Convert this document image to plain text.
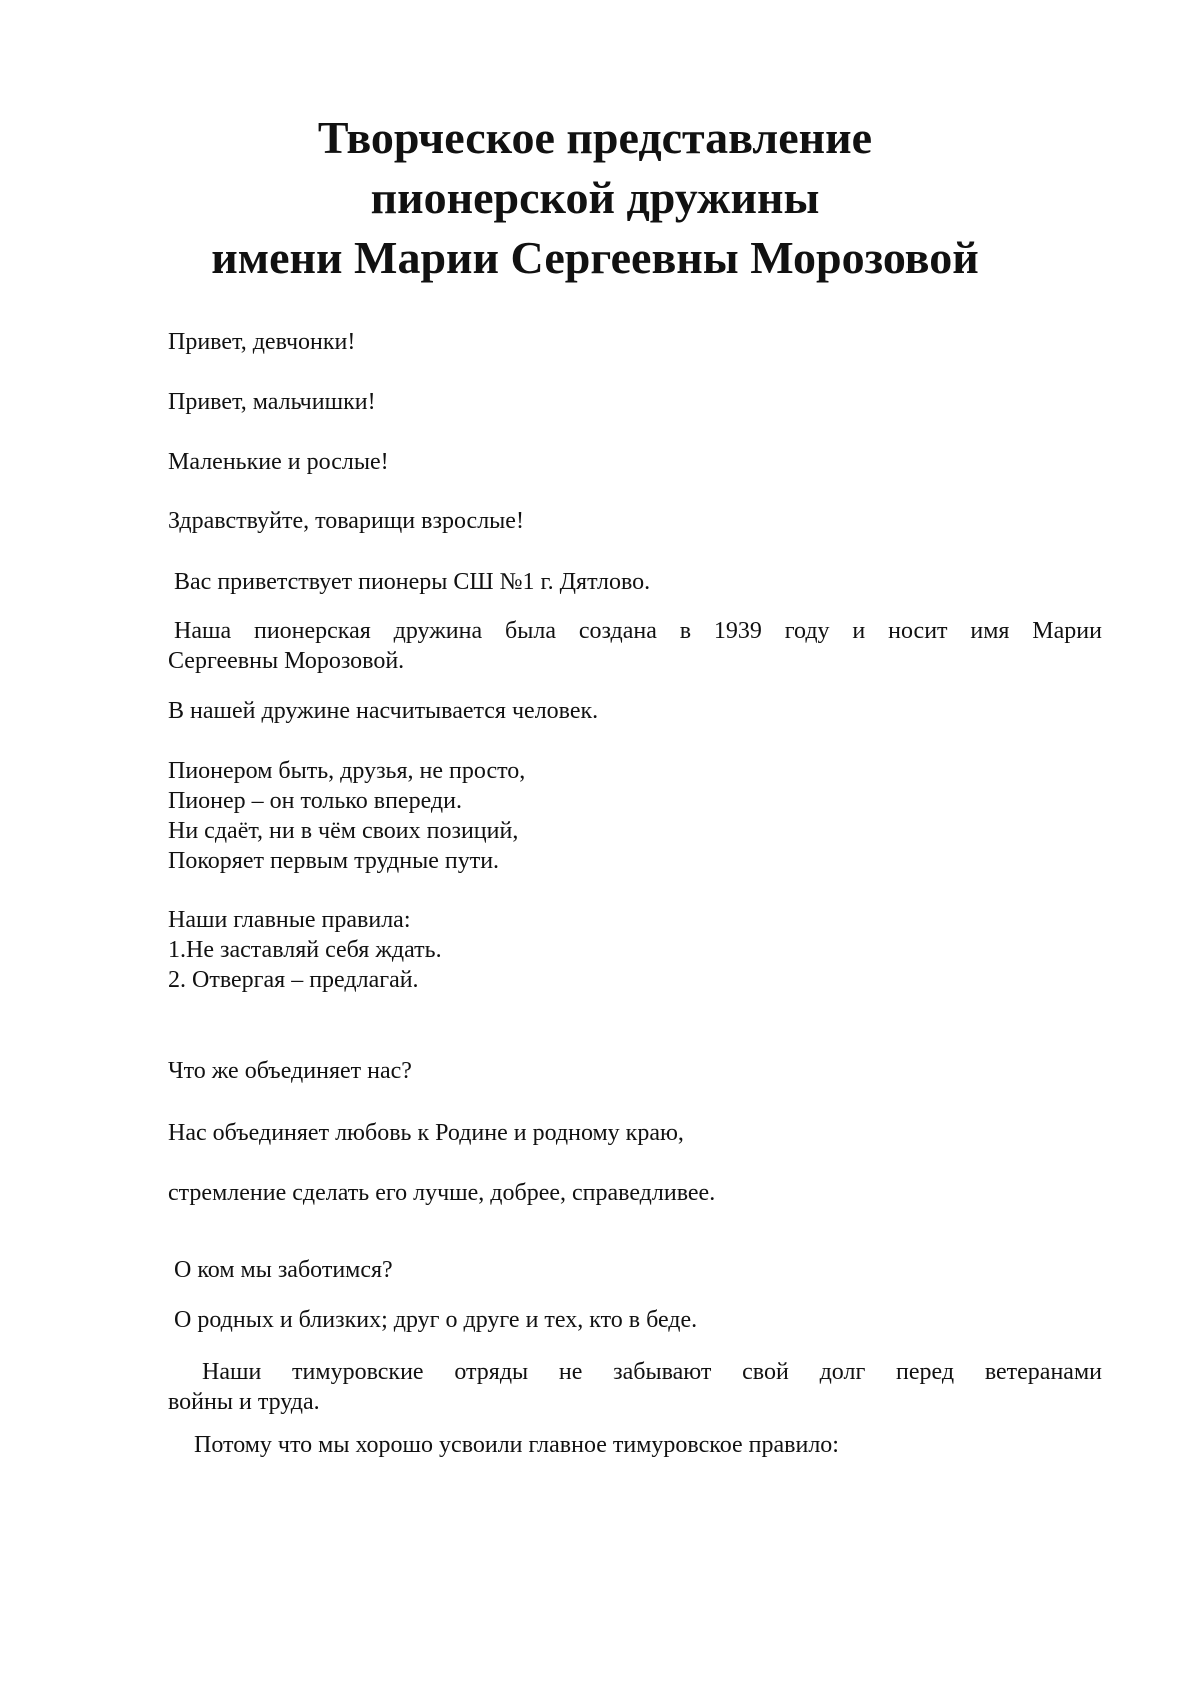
Творческое представление
пионерской дружины
имени Марии Сергеевны Морозовой

Привет, девчонки!

Привет, мальчишки!

Маленькие и рослые!

Здравствуйте, товарищи взрослые!

Вас приветствует пионеры СШ №1 г. Дятлово.

Наша пионерская дружина была создана в 1939 году и носит имя Марии
Сергеевны Морозовой.

В нашей дружине насчитывается человек.

Пионером быть, друзья, не просто,

Пионер – он только впереди.

Ни сдаёт, ни в чём своих позиций,

Покоряет первым трудные пути.

Наши главные правила:

1.Не заставляй себя ждать.

2. Отвергая – предлагай.

Что же объединяет нас?

Нас объединяет любовь к Родине и родному краю,

стремление сделать его лучше, добрее, справедливее.

О ком мы заботимся?

О родных и близких; друг о друге и тех, кто в беде.

Наши тимуровские отряды не забывают свой долг перед ветеранами
войны и труда.

Потому что мы хорошо усвоили главное тимуровское правило:
